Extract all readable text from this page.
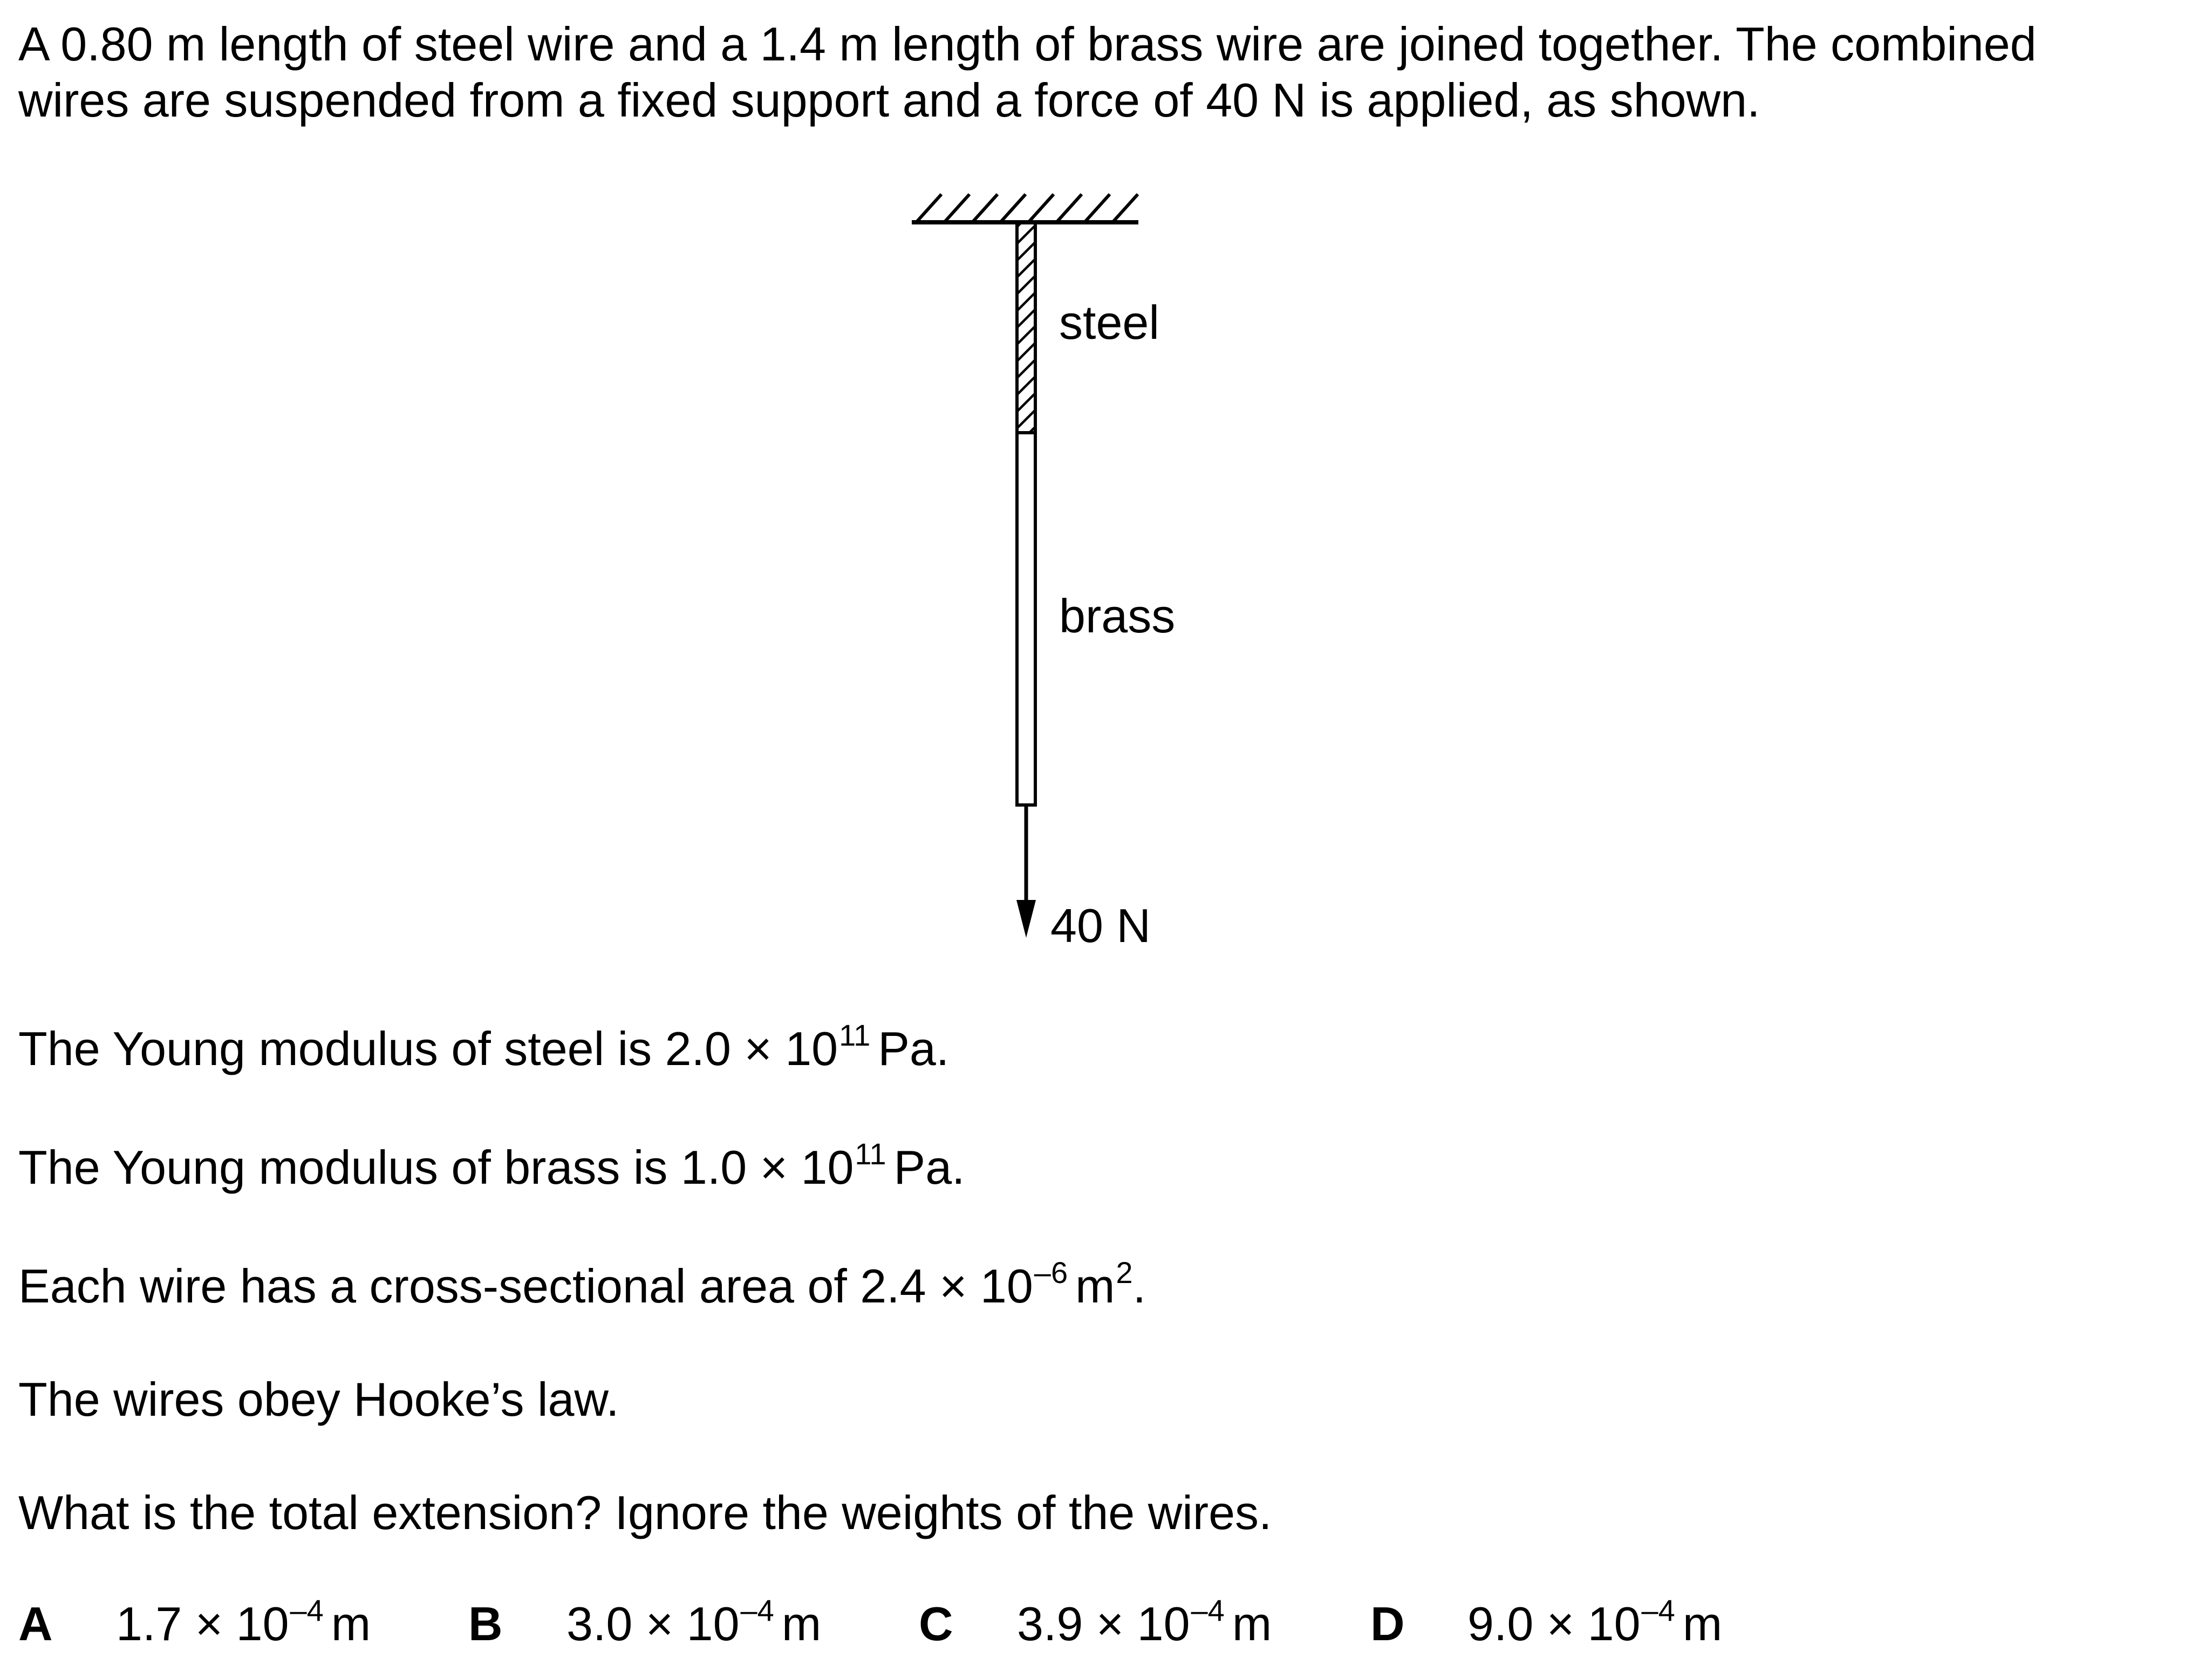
A 0.80 m length of steel wire and a 1.4 m length of brass wire are joined together. The combined
wires are suspended from a fixed support and a force of 40 N is applied, as shown.
steel
brass
40 N
The Young modulus of steel is $2.0 \times 10^{11}$ Pa.
The Young modulus of brass is $1.0 \times 10^{11}$ Pa.
Each wire has a cross-sectional area of $2.4 \times 10^{-6}$ $m^2$.
The wires obey Hooke’s law.
What is the total extension? Ignore the weights of the wires.
A $1.7 \times 10^{-4}$ m B $3.0 \times 10^{-4}$ m C $3.9 \times 10^{-4}$ m D $9.0 \times 10^{-4}$ m
